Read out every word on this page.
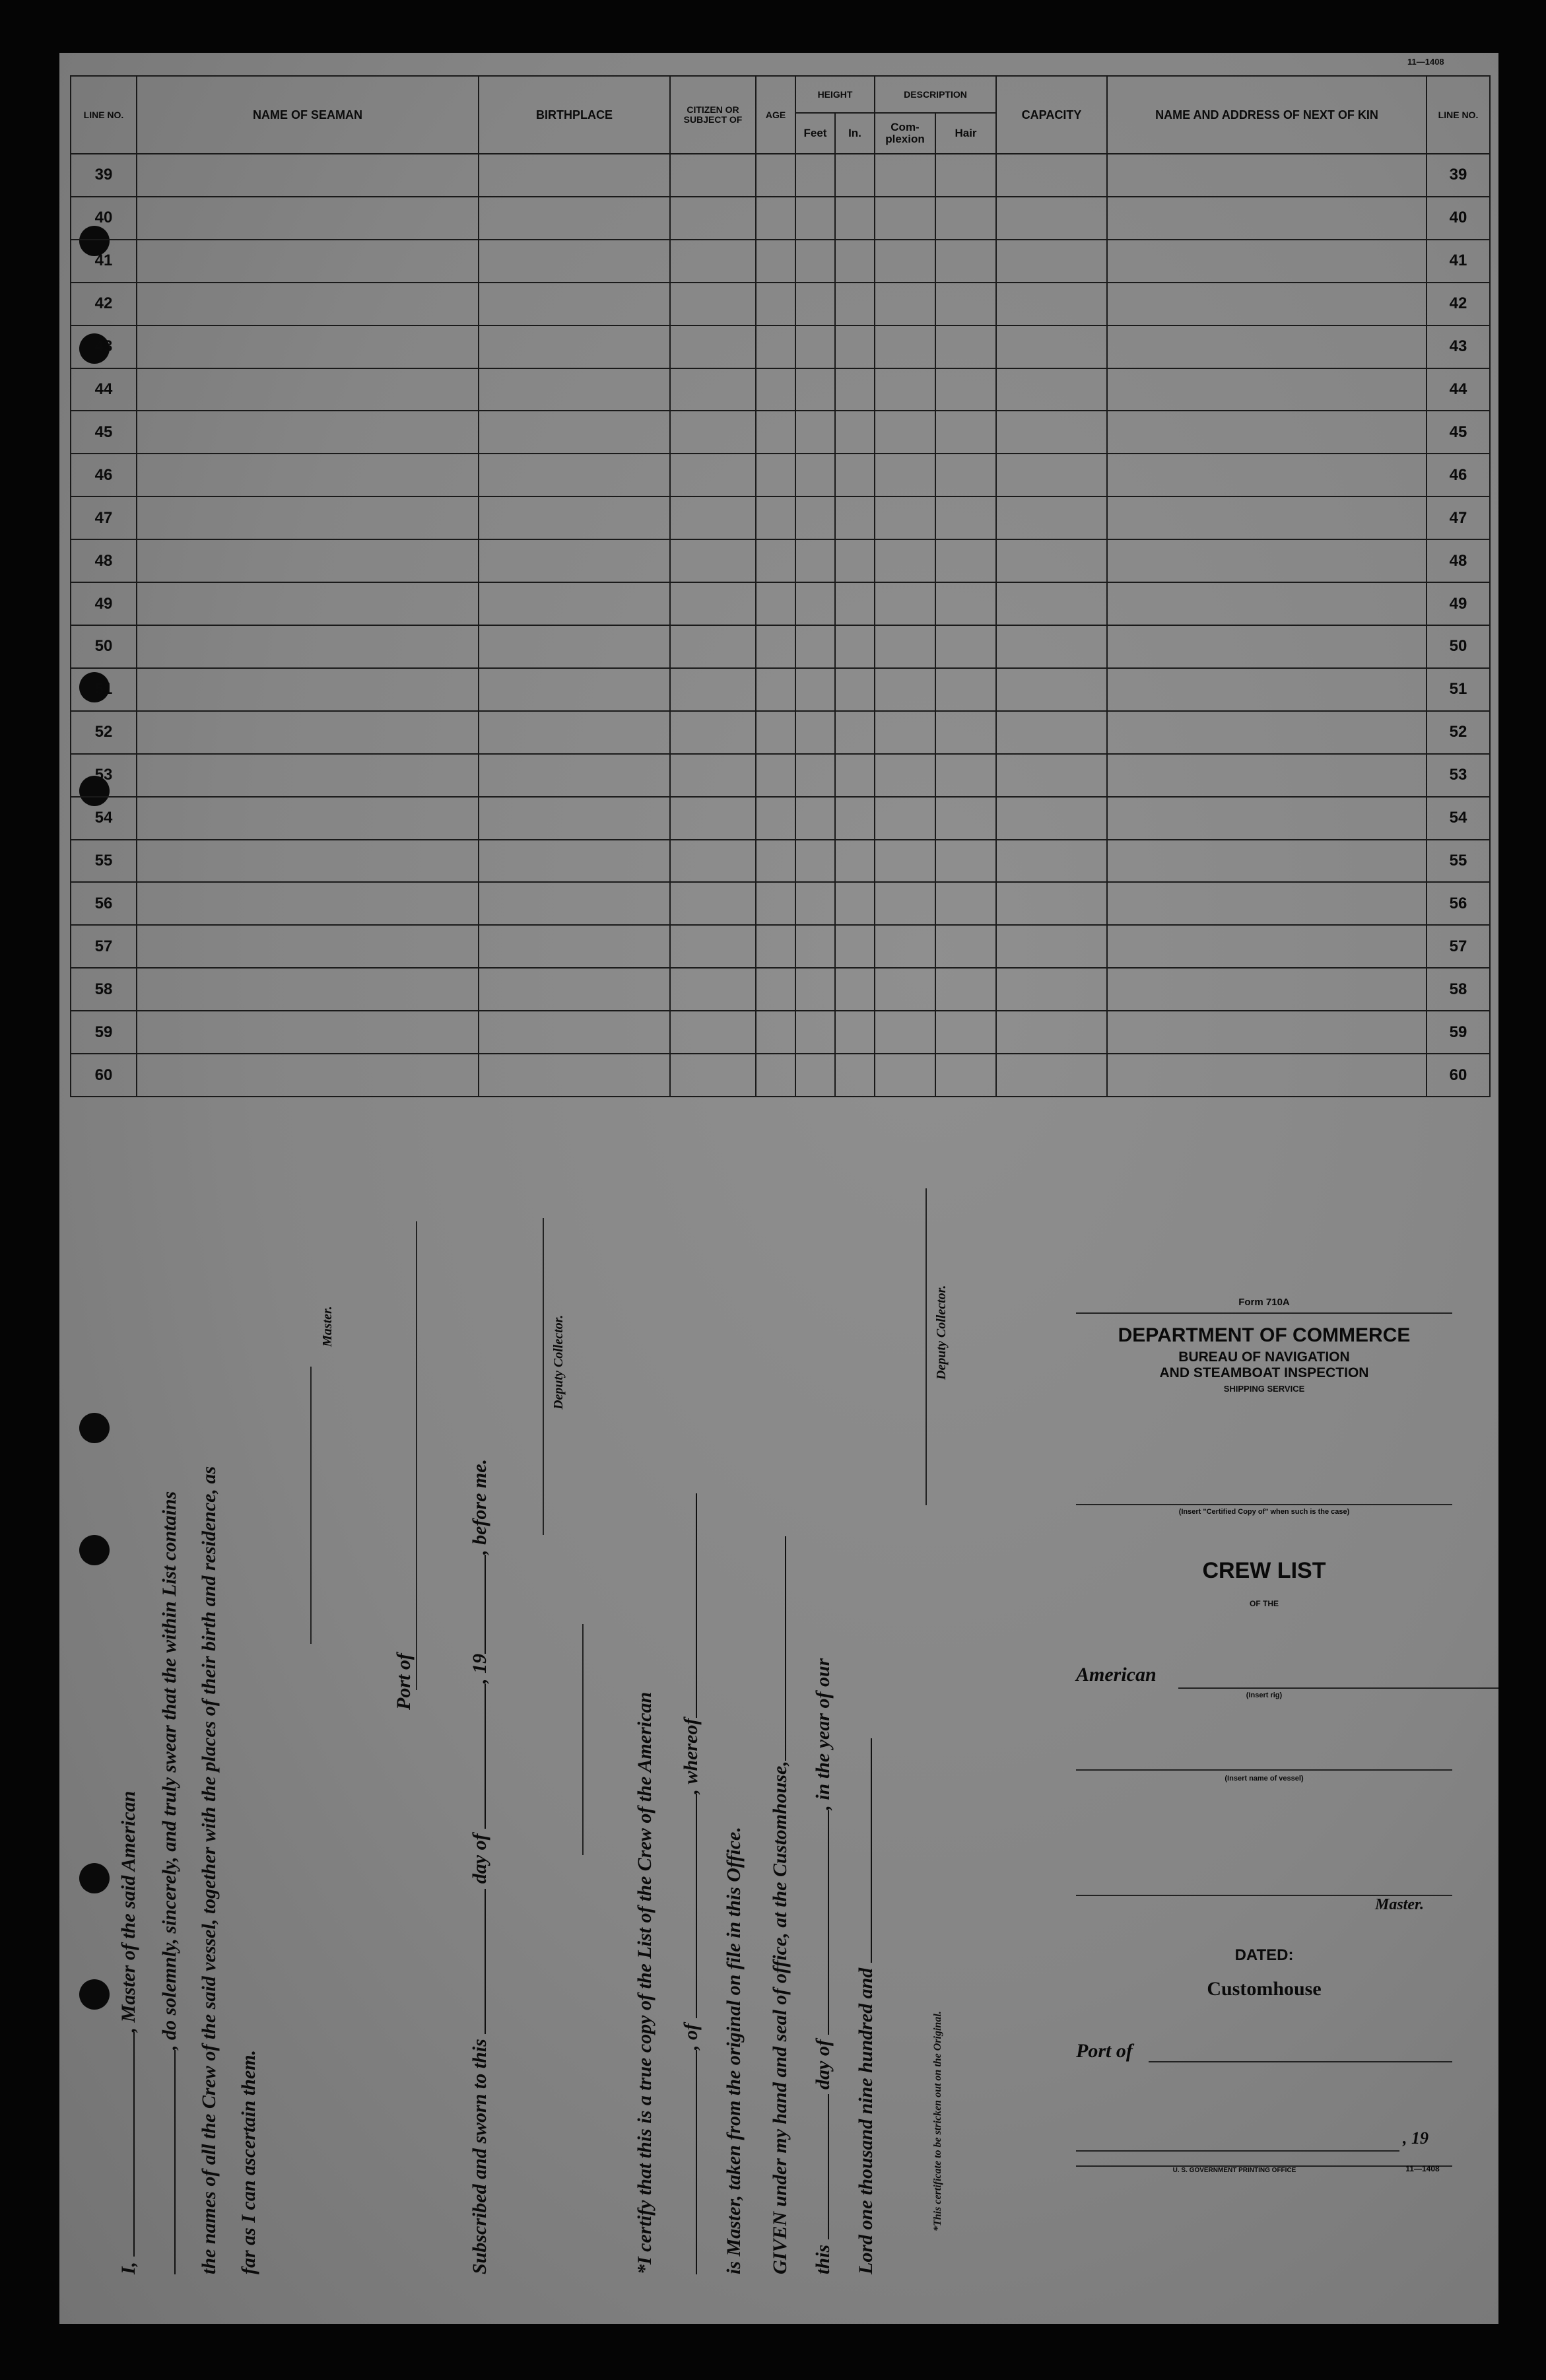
11—1408
LINE NO.	NAME OF SEAMAN	BIRTHPLACE	CITIZEN OR SUBJECT OF	AGE	HEIGHT		DESCRIPTION		CAPACITY	NAME AND ADDRESS OF NEXT OF KIN	LINE NO.
					Feet	In.	Com-plexion	Hair			
39											39
40											40
41											41
42											42
43											43
44											44
45											45
46											46
47											47
48											48
49											49
50											50
51											51
52											52
53											53
54											54
55											55
56											56
57											57
58											58
59											59
60											60
I, , Master of the said American , do solemnly, sincerely, and truly swear that the within List contains the names of all the Crew of the said vessel, together with the places of their birth and residence, as far as I can ascertain them.
Master.
Port of
Subscribed and sworn to this  day of , 19, before me.
Deputy Collector.
*I certify that this is a true copy of the List of the Crew of the American , of , whereof
is Master, taken from the original on file in this Office. GIVEN under my hand and seal of office, at the Customhouse, this  day of , in the year of our
Lord one thousand nine hundred and	*This certificate to be stricken out on the Original.
Deputy Collector.	Form 710A
DEPARTMENT OF COMMERCE
BUREAU OF NAVIGATION
AND STEAMBOAT INSPECTION
SHIPPING SERVICE
(Insert "Certified Copy of" when such is the case)
CREW LIST
OF THE
American
(Insert rig)
(Insert name of vessel)
Master.
DATED:
Customhouse
Port of
, 19
U. S. GOVERNMENT PRINTING OFFICE	11—1408
